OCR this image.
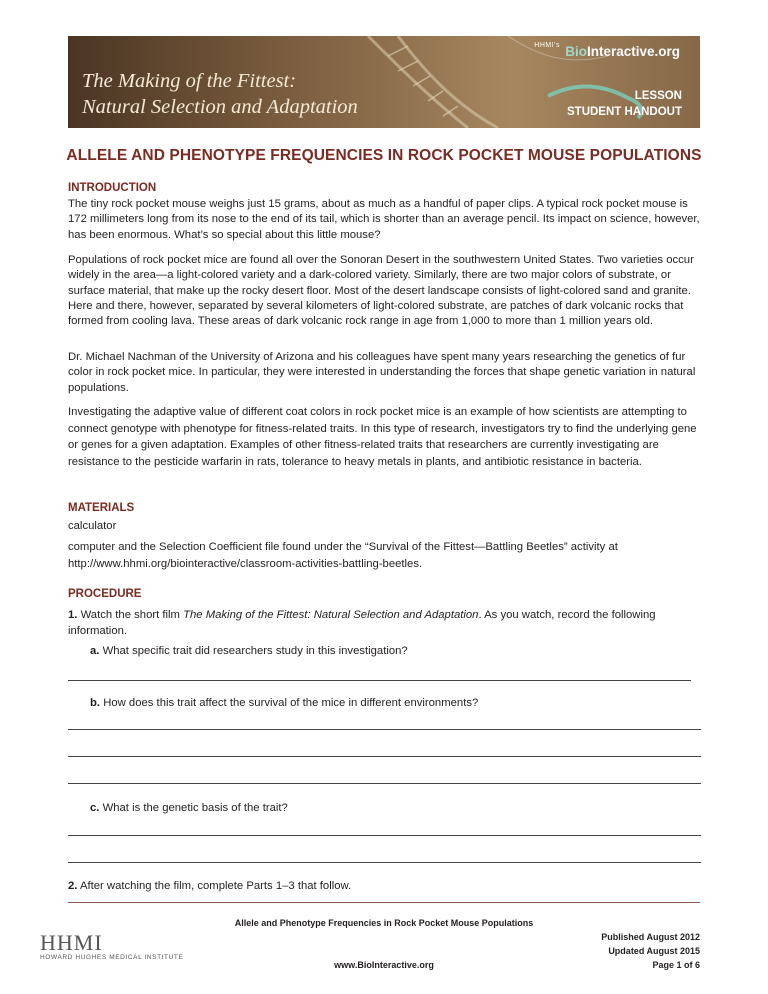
The Making of the Fittest:
Natural Selection and Adaptation
HHMI's BioInteractive.org
LESSON
STUDENT HANDOUT
ALLELE AND PHENOTYPE FREQUENCIES IN ROCK POCKET MOUSE POPULATIONS
INTRODUCTION
The tiny rock pocket mouse weighs just 15 grams, about as much as a handful of paper clips. A typical rock pocket mouse is 172 millimeters long from its nose to the end of its tail, which is shorter than an average pencil. Its impact on science, however, has been enormous. What’s so special about this little mouse?
Populations of rock pocket mice are found all over the Sonoran Desert in the southwestern United States. Two varieties occur widely in the area—a light-colored variety and a dark-colored variety. Similarly, there are two major colors of substrate, or surface material, that make up the rocky desert floor. Most of the desert landscape consists of light-colored sand and granite. Here and there, however, separated by several kilometers of light-colored substrate, are patches of dark volcanic rocks that formed from cooling lava. These areas of dark volcanic rock range in age from 1,000 to more than 1 million years old.
Dr. Michael Nachman of the University of Arizona and his colleagues have spent many years researching the genetics of fur color in rock pocket mice. In particular, they were interested in understanding the forces that shape genetic variation in natural populations.
Investigating the adaptive value of different coat colors in rock pocket mice is an example of how scientists are attempting to connect genotype with phenotype for fitness-related traits. In this type of research, investigators try to find the underlying gene or genes for a given adaptation. Examples of other fitness-related traits that researchers are currently investigating are resistance to the pesticide warfarin in rats, tolerance to heavy metals in plants, and antibiotic resistance in bacteria.
MATERIALS
calculator
computer and the Selection Coefficient file found under the “Survival of the Fittest—Battling Beetles” activity at
http://www.hhmi.org/biointeractive/classroom-activities-battling-beetles.
PROCEDURE
1. Watch the short film The Making of the Fittest: Natural Selection and Adaptation. As you watch, record the following
information.
a. What specific trait did researchers study in this investigation?
b. How does this trait affect the survival of the mice in different environments?
c. What is the genetic basis of the trait?
2. After watching the film, complete Parts 1–3 that follow.
Allele and Phenotype Frequencies in Rock Pocket Mouse Populations
www.BioInteractive.org
Published August 2012
Updated August 2015
Page 1 of 6
HHMI
HOWARD HUGHES MEDICAL INSTITUTE
